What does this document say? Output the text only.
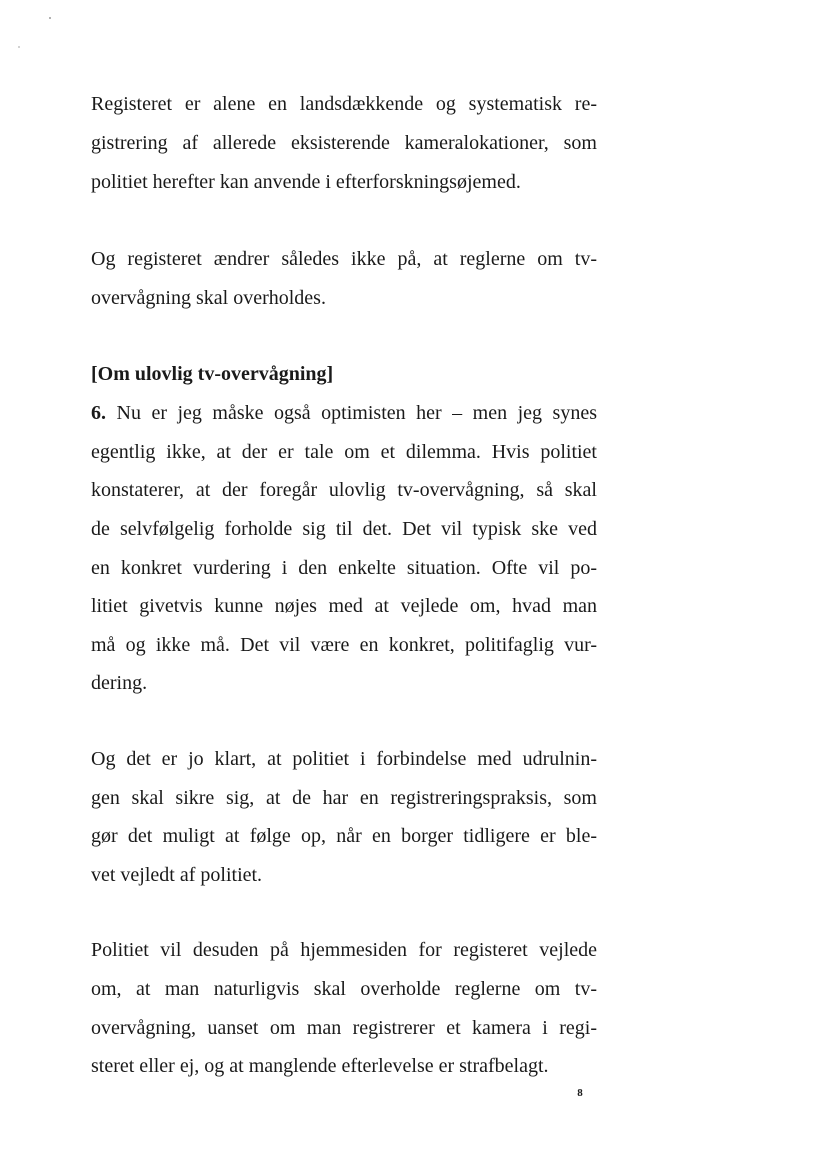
Registeret er alene en landsdækkende og systematisk re-
gistrering af allerede eksisterende kameralokationer, som
politiet herefter kan anvende i efterforskningsøjemed.
Og registeret ændrer således ikke på, at reglerne om tv-
overvågning skal overholdes.
[Om ulovlig tv-overvågning]
6. Nu er jeg måske også optimisten her – men jeg synes
egentlig ikke, at der er tale om et dilemma. Hvis politiet
konstaterer, at der foregår ulovlig tv-overvågning, så skal
de selvfølgelig forholde sig til det. Det vil typisk ske ved
en konkret vurdering i den enkelte situation. Ofte vil po-
litiet givetvis kunne nøjes med at vejlede om, hvad man
må og ikke må. Det vil være en konkret, politifaglig vur-
dering.
Og det er jo klart, at politiet i forbindelse med udrulnin-
gen skal sikre sig, at de har en registreringspraksis, som
gør det muligt at følge op, når en borger tidligere er ble-
vet vejledt af politiet.
Politiet vil desuden på hjemmesiden for registeret vejlede
om, at man naturligvis skal overholde reglerne om tv-
overvågning, uanset om man registrerer et kamera i regi-
steret eller ej, og at manglende efterlevelse er strafbelagt.
8
